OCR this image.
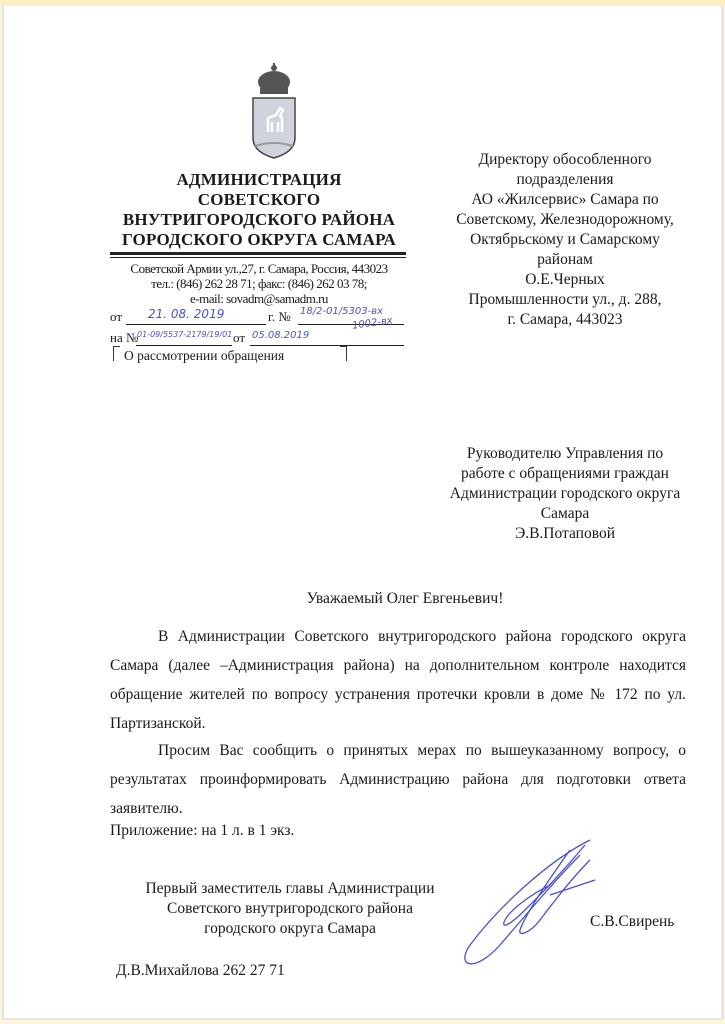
АДМИНИСТРАЦИЯ
СОВЕТСКОГО
ВНУТРИГОРОДСКОГО РАЙОНА
ГОРОДСКОГО ОКРУГА САМАРА
Советской Армии ул.,27, г. Самара, Россия, 443023
тел.: (846) 262 28 71; факс: (846) 262 03 78;
e-mail: sovadm@samadm.ru
от 21. 08. 2019	г. № 18/2-01/5303-вх
на №
01-09/5537-2179/19/01 от 05.08.2019
1002-вх
О рассмотрении обращения
Директору обособленного
подразделения
АО «Жилсервис» Самара по
Советскому, Железнодорожному,
Октябрьскому и Самарскому
районам
О.Е.Черных
Промышленности ул., д. 288,
г. Самара, 443023
Руководителю Управления по
работе с обращениями граждан
Администрации городского округа
Самара
Э.В.Потаповой
Уважаемый Олег Евгеньевич!

В Администрации Советского внутригородского района городского округа Самара (далее –Администрация района) на дополнительном контроле находится обращение жителей по вопросу устранения протечки кровли в доме № 172 по ул. Партизанской.

Просим Вас сообщить о принятых мерах по вышеуказанному вопросу, о результатах проинформировать Администрацию района для подготовки ответа заявителю.

Приложение: на 1 л. в 1 экз.
Первый заместитель главы Администрации
Советского внутригородского района
городского округа Самара	С.В.Свирень
Д.В.Михайлова 262 27 71
